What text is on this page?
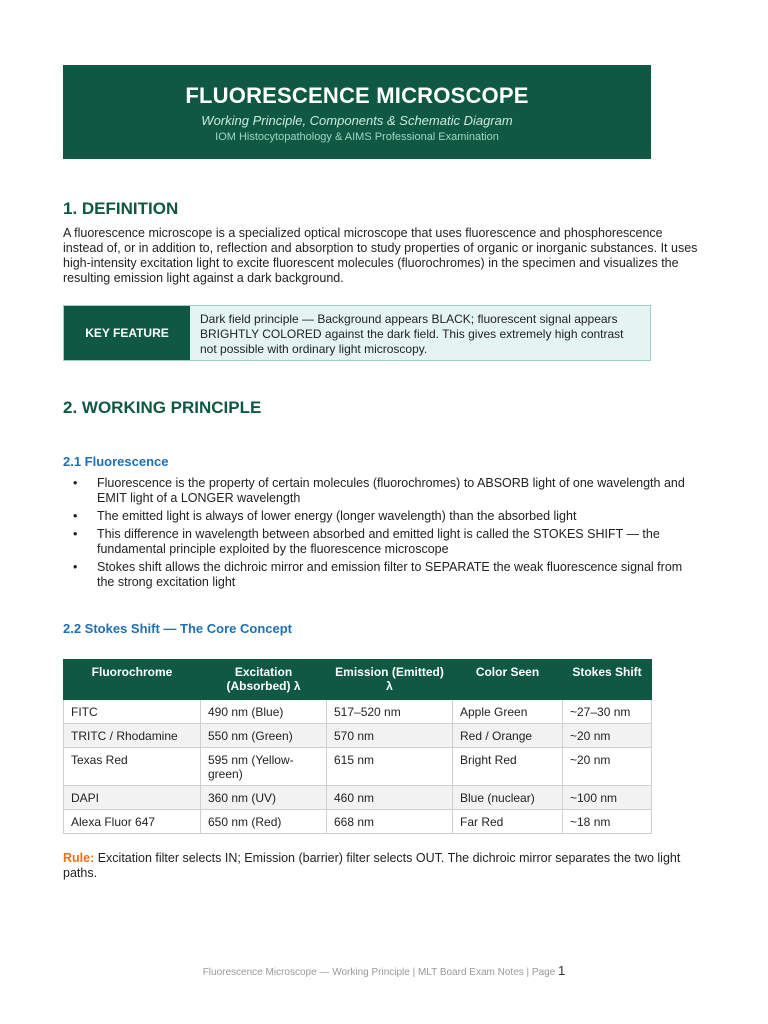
FLUORESCENCE MICROSCOPE
Working Principle, Components & Schematic Diagram
IOM Histocytopathology & AIMS Professional Examination
1. DEFINITION
A fluorescence microscope is a specialized optical microscope that uses fluorescence and phosphorescence instead of, or in addition to, reflection and absorption to study properties of organic or inorganic substances. It uses high-intensity excitation light to excite fluorescent molecules (fluorochromes) in the specimen and visualizes the resulting emission light against a dark background.
KEY FEATURE
Dark field principle — Background appears BLACK; fluorescent signal appears BRIGHTLY COLORED against the dark field. This gives extremely high contrast not possible with ordinary light microscopy.
2. WORKING PRINCIPLE
2.1 Fluorescence
• Fluorescence is the property of certain molecules (fluorochromes) to ABSORB light of one wavelength and EMIT light of a LONGER wavelength
• The emitted light is always of lower energy (longer wavelength) than the absorbed light
• This difference in wavelength between absorbed and emitted light is called the STOKES SHIFT — the fundamental principle exploited by the fluorescence microscope
• Stokes shift allows the dichroic mirror and emission filter to SEPARATE the weak fluorescence signal from the strong excitation light
2.2 Stokes Shift — The Core Concept
Fluorochrome	Excitation (Absorbed) λ	Emission (Emitted) λ	Color Seen	Stokes Shift
FITC	490 nm (Blue)	517–520 nm	Apple Green	~27–30 nm
TRITC / Rhodamine	550 nm (Green)	570 nm	Red / Orange	~20 nm
Texas Red	595 nm (Yellow-green)	615 nm	Bright Red	~20 nm
DAPI	360 nm (UV)	460 nm	Blue (nuclear)	~100 nm
Alexa Fluor 647	650 nm (Red)	668 nm	Far Red	~18 nm
Rule: Excitation filter selects IN; Emission (barrier) filter selects OUT. The dichroic mirror separates the two light paths.
Fluorescence Microscope — Working Principle | MLT Board Exam Notes | Page 1
